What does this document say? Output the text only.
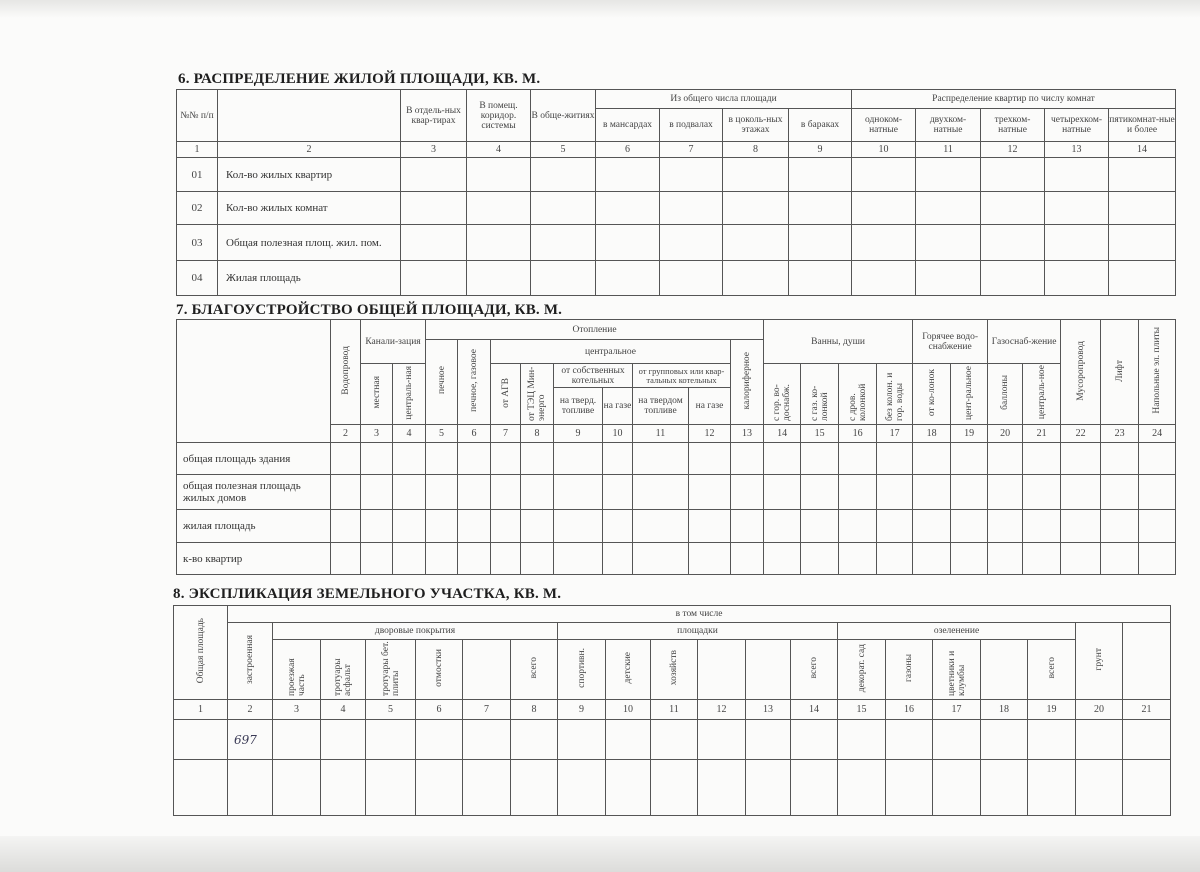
6. РАСПРЕДЕЛЕНИЕ ЖИЛОЙ ПЛОЩАДИ, КВ. М.
№№ п/п		В отдель-ных квар-тирах	В помещ. коридор. системы	В обще-житиях	Из общего числа площади				Распределение квартир по числу комнат				
					в мансардах	в подвалах	в цоколь-ных этажах	в бараках	одноком-натные	двухком-натные	трехком-натные	четырехком-натные	пятикомнат-ные и более
1	2	3	4	5	6	7	8	9	10	11	12	13	14
01	Кол-во жилых квартир												
02	Кол-во жилых комнат												
03	Общая полезная площ. жил. пом.												
04	Жилая площадь												
7. БЛАГОУСТРОЙСТВО ОБЩЕЙ ПЛОЩАДИ, КВ. М.
	Водопровод	Канали-зация		Отопление									Ванны, души				Горячее водо-снабжение		Газоснаб-жение		Мусоропровод	Лифт	Напольные эл. плиты
				печное	печное, газовое	центральное						калориферное											
		местная	централь-ная			от АГВ	от ТЭЦ Мин-энерго	от собственных котельных		от групповых или квар-тальных котельных			с гор. во-доснабж.	с газ. ко-лонкой	с дров. колонкой	без колон. и гор. воды	от ко-лонок	цент-ральное	баллоны	централь-ное			
								на тверд. топливе	на газе	на твердом топливе	на газе												
	2	3	4	5	6	7	8	9	10	11	12	13	14	15	16	17	18	19	20	21	22	23	24
общая площадь здания																							
общая полезная площадь жилых домов																							
жилая площадь																							
к-во квартир																							
8. ЭКСПЛИКАЦИЯ ЗЕМЕЛЬНОГО УЧАСТКА, КВ. М.
Общая площадь	в том числе																			
	застроенная	дворовые покрытия						площадки						озеленение					грунт	
		проезжая часть	тротуары асфальт	тротуары бет. плиты	отмостки		всего	спортивн.	детские	хозяйств			всего	декорат. сад	газоны	цветники и клумбы		всего		
1	2	3	4	5	6	7	8	9	10	11	12	13	14	15	16	17	18	19	20	21
	697																			
